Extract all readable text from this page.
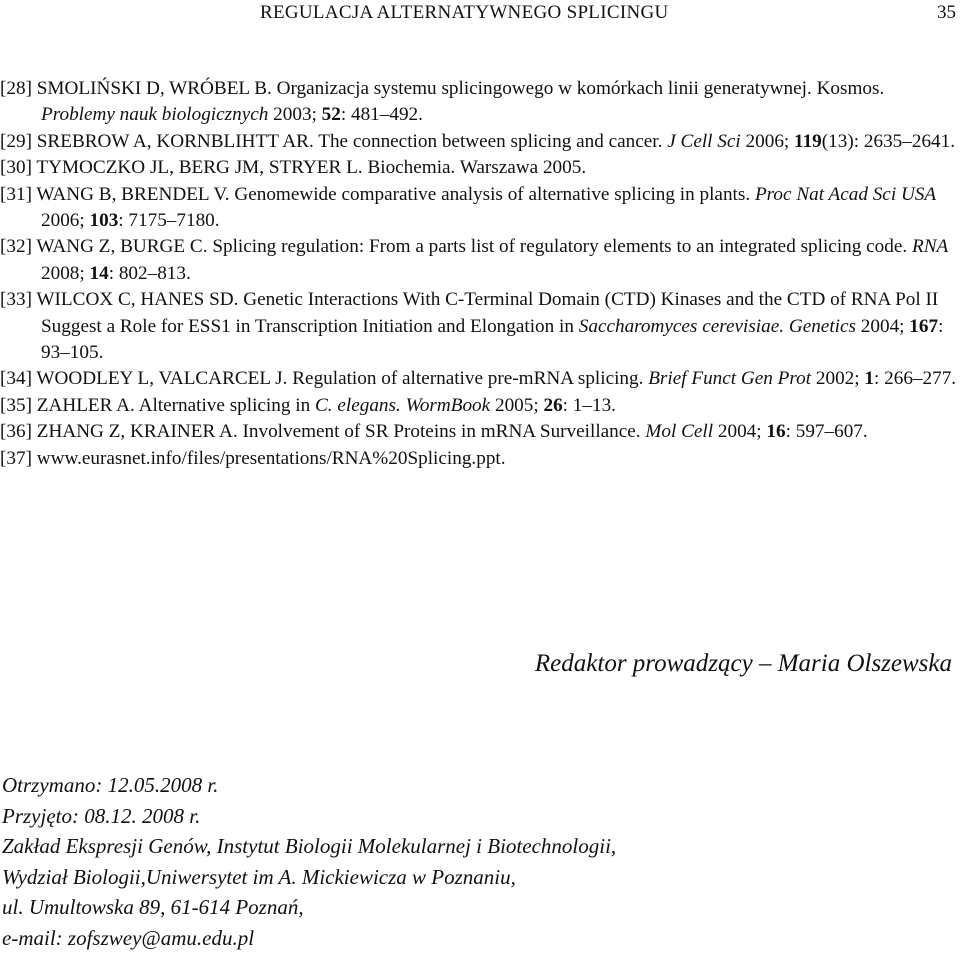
REGULACJA ALTERNATYWNEGO SPLICINGU	35

[28] SMOLIŃSKI D, WRÓBEL B. Organizacja systemu splicingowego w komórkach linii generatywnej. Kosmos. Problemy nauk biologicznych 2003; 52: 481–492.

[29] SREBROW A, KORNBLIHTT AR. The connection between splicing and cancer. J Cell Sci 2006; 119(13): 2635–2641.

[30] TYMOCZKO JL, BERG JM, STRYER L. Biochemia. Warszawa 2005.

[31] WANG B, BRENDEL V. Genomewide comparative analysis of alternative splicing in plants. Proc Nat Acad Sci USA 2006; 103: 7175–7180.

[32] WANG Z, BURGE C. Splicing regulation: From a parts list of regulatory elements to an integrated splicing code. RNA 2008; 14: 802–813.

[33] WILCOX C, HANES SD. Genetic Interactions With C-Terminal Domain (CTD) Kinases and the CTD of RNA Pol II Suggest a Role for ESS1 in Transcription Initiation and Elongation in Saccharomyces cerevisiae. Genetics 2004; 167: 93–105.

[34] WOODLEY L, VALCARCEL J. Regulation of alternative pre-mRNA splicing. Brief Funct Gen Prot 2002; 1: 266–277.

[35] ZAHLER A. Alternative splicing in C. elegans. WormBook 2005; 26: 1–13.

[36] ZHANG Z, KRAINER A. Involvement of SR Proteins in mRNA Surveillance. Mol Cell 2004; 16: 597–607.

[37] www.eurasnet.info/files/presentations/RNA%20Splicing.ppt.

Redaktor prowadzący – Maria Olszewska
Otrzymano: 12.05.2008 r.
Przyjęto: 08.12. 2008 r.
Zakład Ekspresji Genów, Instytut Biologii Molekularnej i Biotechnologii,
Wydział Biologii,Uniwersytet im A. Mickiewicza w Poznaniu,
ul. Umultowska 89, 61-614 Poznań,
e-mail: zofszwey@amu.edu.pl
